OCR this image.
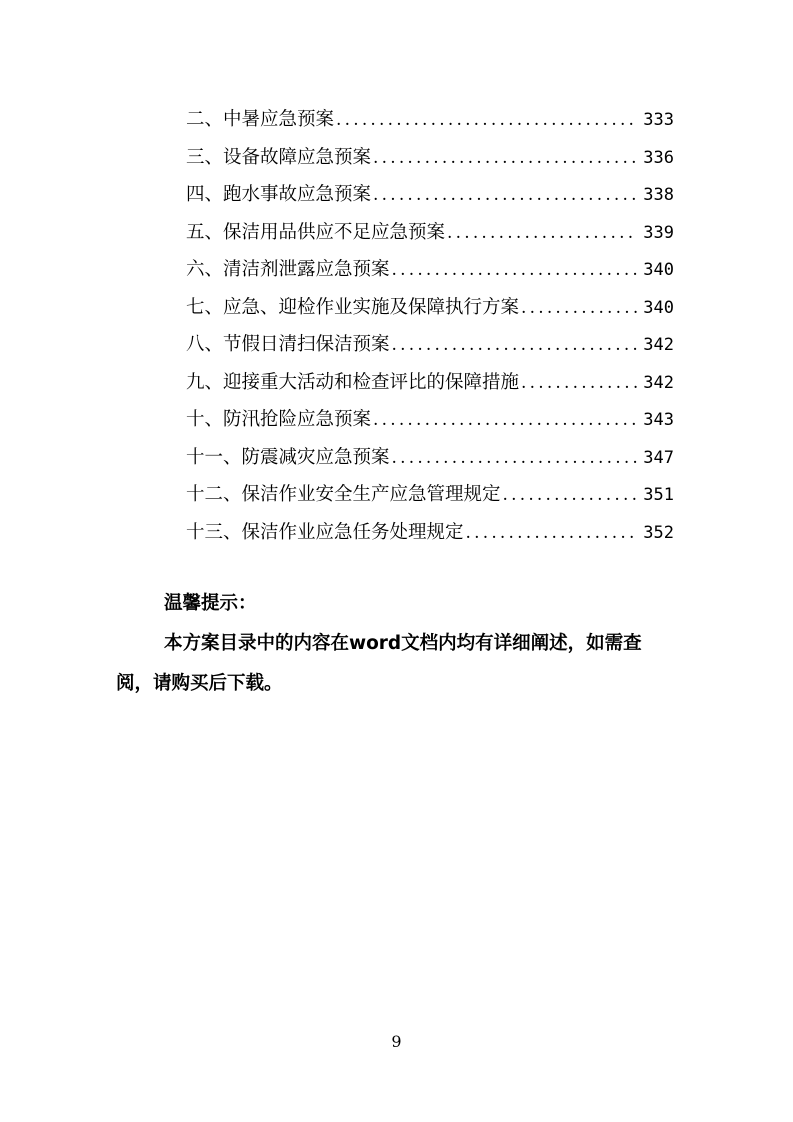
二、中暑应急预案 .....	333
三、设备故障应急预案 .....	336
四、跑水事故应急预案 .....	338
五、保洁用品供应不足应急预案 .....	339
六、清洁剂泄露应急预案 .....	340
七、应急、迎检作业实施及保障执行方案 .....	340
八、节假日清扫保洁预案 .....	342
九、迎接重大活动和检查评比的保障措施 .....	342
十、防汛抢险应急预案 .....	343
十一、防震减灾应急预案 .....	347
十二、保洁作业安全生产应急管理规定 .....	351
十三、保洁作业应急任务处理规定 .....	352

温馨提示：

本方案目录中的内容在word文档内均有详细阐述，如需查阅，请购买后下载。

9
